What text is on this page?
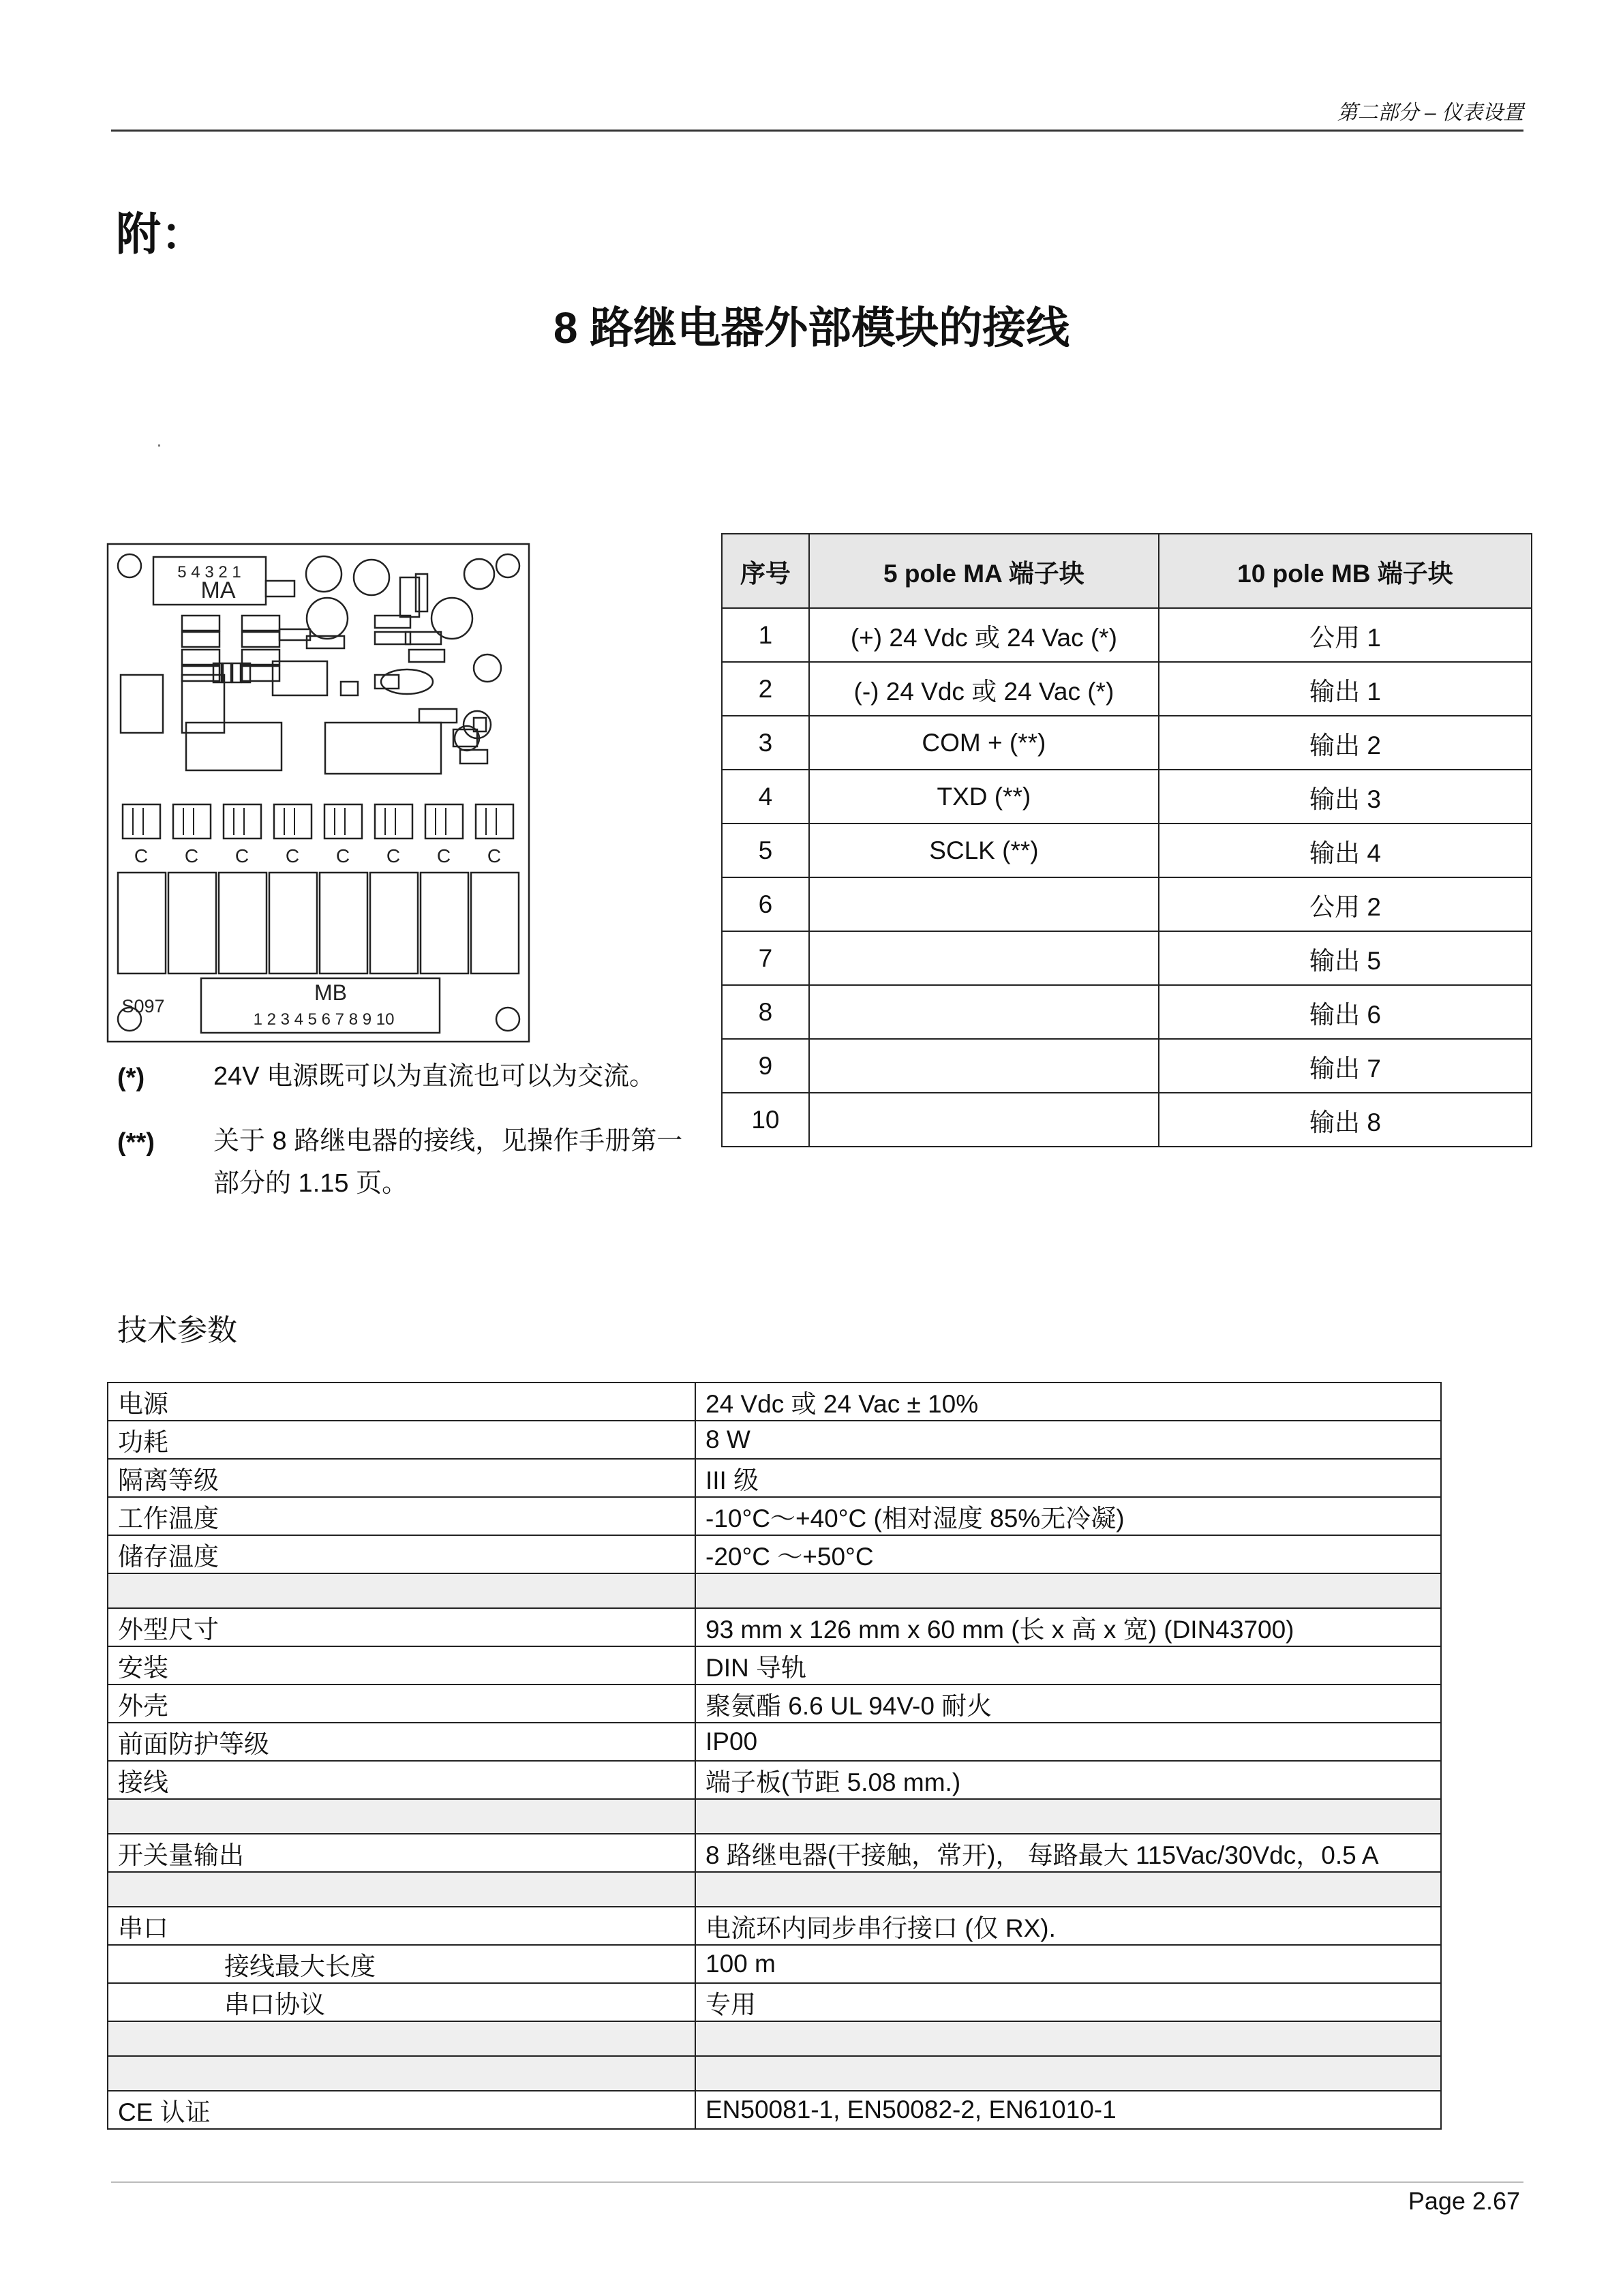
第二部分 – 仪表设置
附：
8 路继电器外部模块的接线
5 4 3 2 1
MA
MB
1 2 3 4 5 6 7 8 9 10
S097
C C C C C C C C
(*)	24V 电源既可以为直流也可以为交流。
(**) 关于 8 路继电器的接线，见操作手册第一部分的 1.15 页。
序号	5 pole MA 端子块	10 pole MB 端子块
1	(+) 24 Vdc 或 24 Vac (*)	公用 1
2	(-) 24 Vdc 或 24 Vac (*)	输出 1
3	COM + (**)	输出 2
4	TXD (**)	输出 3
5	SCLK (**)	输出 4
6		公用 2
7		输出 5
8		输出 6
9		输出 7
10		输出 8
技术参数
电源	24 Vdc 或 24 Vac ± 10%
功耗	8 W
隔离等级	III 级
工作温度	-10°C～+40°C (相对湿度 85%无冷凝)
储存温度	-20°C ～+50°C

外型尺寸	93 mm x 126 mm x 60 mm (长 x 高 x 宽) (DIN43700)
安装	DIN 导轨
外壳	聚氨酯 6.6 UL 94V-0 耐火
前面防护等级	IP00
接线	端子板(节距 5.08 mm.)

开关量输出	8 路继电器(干接触，常开)， 每路最大 115Vac/30Vdc，0.5 A

串口	电流环内同步串行接口 (仅 RX).
接线最大长度	100 m
串口协议	专用

CE 认证	EN50081-1, EN50082-2, EN61010-1
Page 2.67
